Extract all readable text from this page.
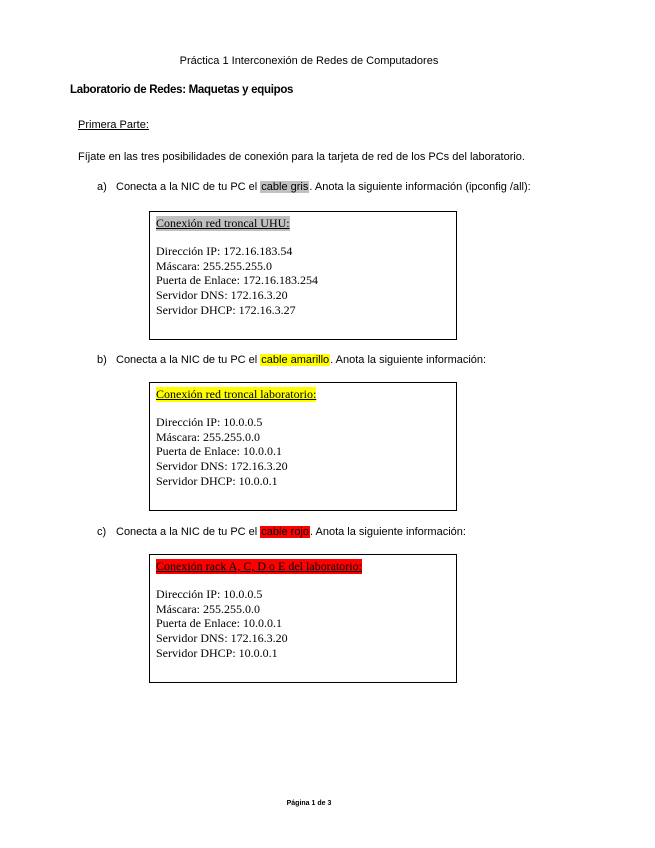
Práctica 1 Interconexión de Redes de Computadores
Laboratorio de Redes: Maquetas y equipos
Primera Parte:
Fíjate en las tres posibilidades de conexión para la tarjeta de red de los PCs del laboratorio.
a) Conecta a la NIC de tu PC el cable gris. Anota la siguiente información (ipconfig /all):
Conexión red troncal UHU:
Dirección IP: 172.16.183.54
Máscara: 255.255.255.0
Puerta de Enlace: 172.16.183.254
Servidor DNS: 172.16.3.20
Servidor DHCP: 172.16.3.27
b) Conecta a la NIC de tu PC el cable amarillo. Anota la siguiente información:
Conexión red troncal laboratorio:
Dirección IP: 10.0.0.5
Máscara: 255.255.0.0
Puerta de Enlace: 10.0.0.1
Servidor DNS: 172.16.3.20
Servidor DHCP: 10.0.0.1
c) Conecta a la NIC de tu PC el cable rojo. Anota la siguiente información:
Conexión rack A, C, D o E del laboratorio:
Dirección IP: 10.0.0.5
Máscara: 255.255.0.0
Puerta de Enlace: 10.0.0.1
Servidor DNS: 172.16.3.20
Servidor DHCP: 10.0.0.1
Página 1 de 3
